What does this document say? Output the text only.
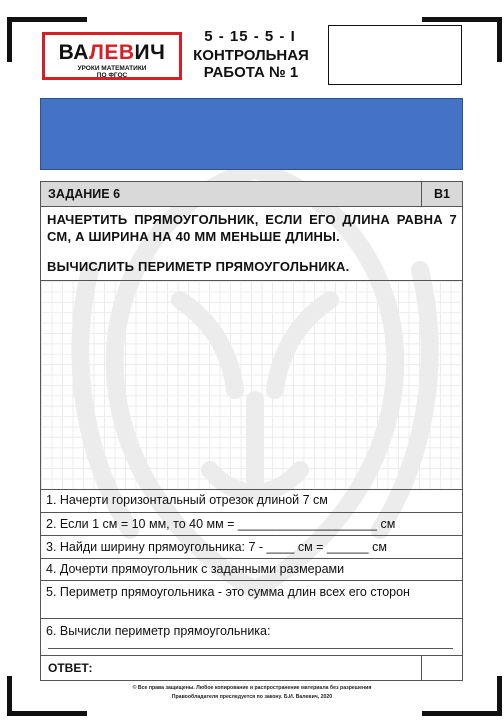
ВАЛЕВИЧ
УРОКИ МАТЕМАТИКИ
ПО ФГОС
5 - 15 - 5 - I
КОНТРОЛЬНАЯ
РАБОТА № 1
ЗАДАНИЕ 6	В1
НАЧЕРТИТЬ ПРЯМОУГОЛЬНИК, ЕСЛИ ЕГО ДЛИНА РАВНА 7 СМ, А ШИРИНА НА 40 ММ МЕНЬШЕ ДЛИНЫ.
ВЫЧИСЛИТЬ ПЕРИМЕТР ПРЯМОУГОЛЬНИКА.
1. Начерти горизонтальный отрезок длиной 7 см
2. Если 1 см = 10 мм, то 40 мм = ____________________ см
3. Найди ширину прямоугольника: 7 - ____ см = ______ см
4. Дочерти прямоугольник с заданными размерами
5. Периметр прямоугольника - это сумма длин всех его сторон
6. Вычисли периметр прямоугольника:
ОТВЕТ:
© Все права защищены. Любое копирование и распространение материала без разрешения
Правообладателя преследуется по закону. Б.И. Валевич, 2020
